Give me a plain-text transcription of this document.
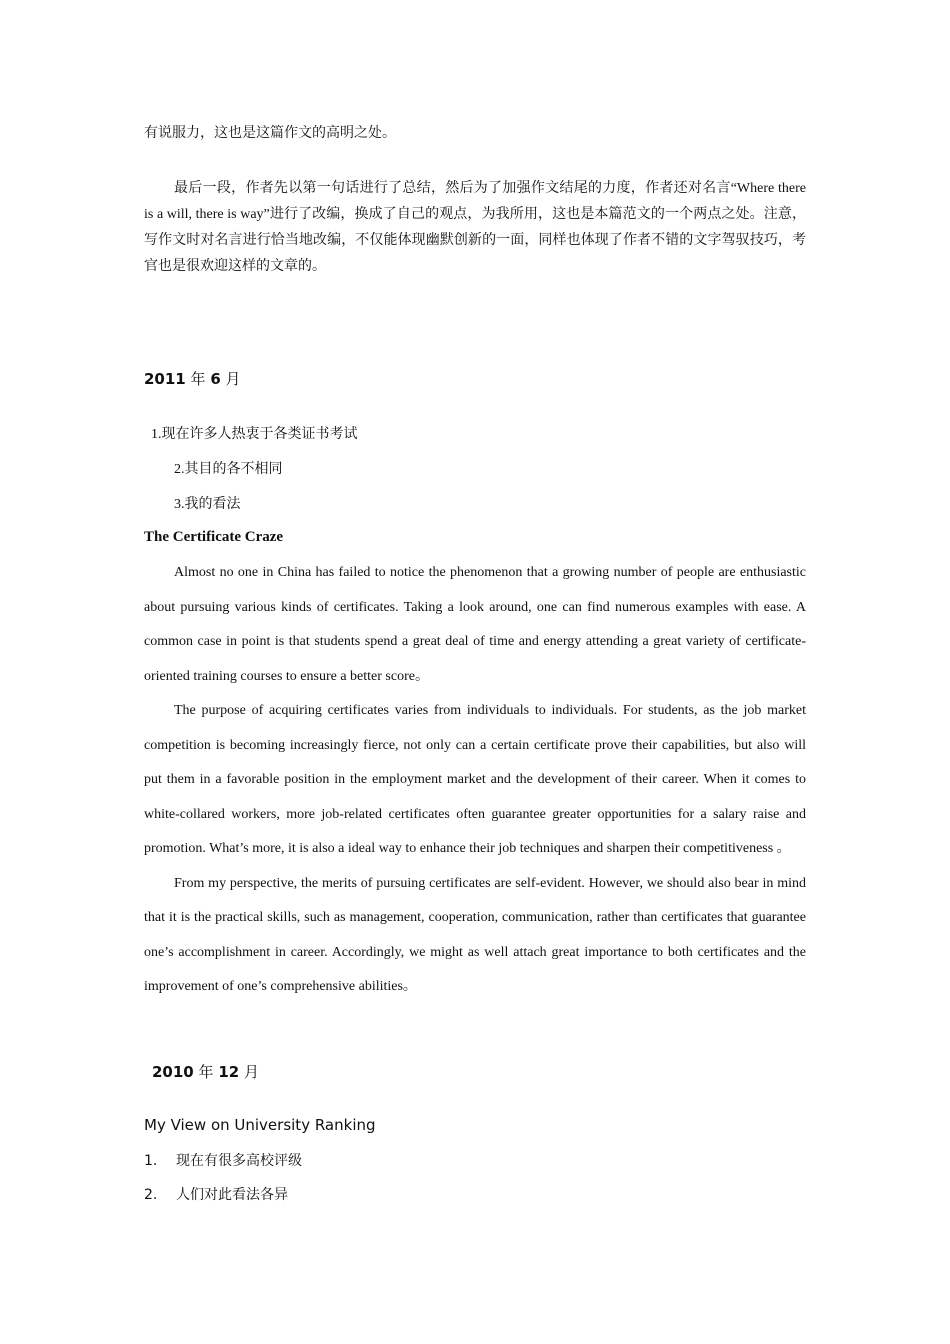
有说服力，这也是这篇作文的高明之处。

最后一段，作者先以第一句话进行了总结，然后为了加强作文结尾的力度，作者还对名言“Where there is a will, there is way”进行了改编，换成了自己的观点，为我所用，这也是本篇范文的一个两点之处。注意，写作文时对名言进行恰当地改编，不仅能体现幽默创新的一面，同样也体现了作者不错的文字驾驭技巧，考官也是很欢迎这样的文章的。

2011 年 6 月
1.现在许多人热衷于各类证书考试
2.其目的各不相同
3.我的看法
The Certificate Craze

Almost no one in China has failed to notice the phenomenon that a growing number of people are enthusiastic about pursuing various kinds of certificates. Taking a look around, one can find numerous examples with ease. A common case in point is that students spend a great deal of time and energy attending a great variety of certificate-oriented training courses to ensure a better score。

The purpose of acquiring certificates varies from individuals to individuals. For students, as the job market competition is becoming increasingly fierce, not only can a certain certificate prove their capabilities, but also will put them in a favorable position in the employment market and the development of their career. When it comes to white-collared workers, more job-related certificates often guarantee greater opportunities for a salary raise and promotion. What’s more, it is also a ideal way to enhance their job techniques and sharpen their competitiveness 。

From my perspective, the merits of pursuing certificates are self-evident. However, we should also bear in mind that it is the practical skills, such as management, cooperation, communication, rather than certificates that guarantee one’s accomplishment in career. Accordingly, we might as well attach great importance to both certificates and the improvement of one’s comprehensive abilities。

2010 年 12 月
My View on University Ranking
1. 现在有很多高校评级
2. 人们对此看法各异
